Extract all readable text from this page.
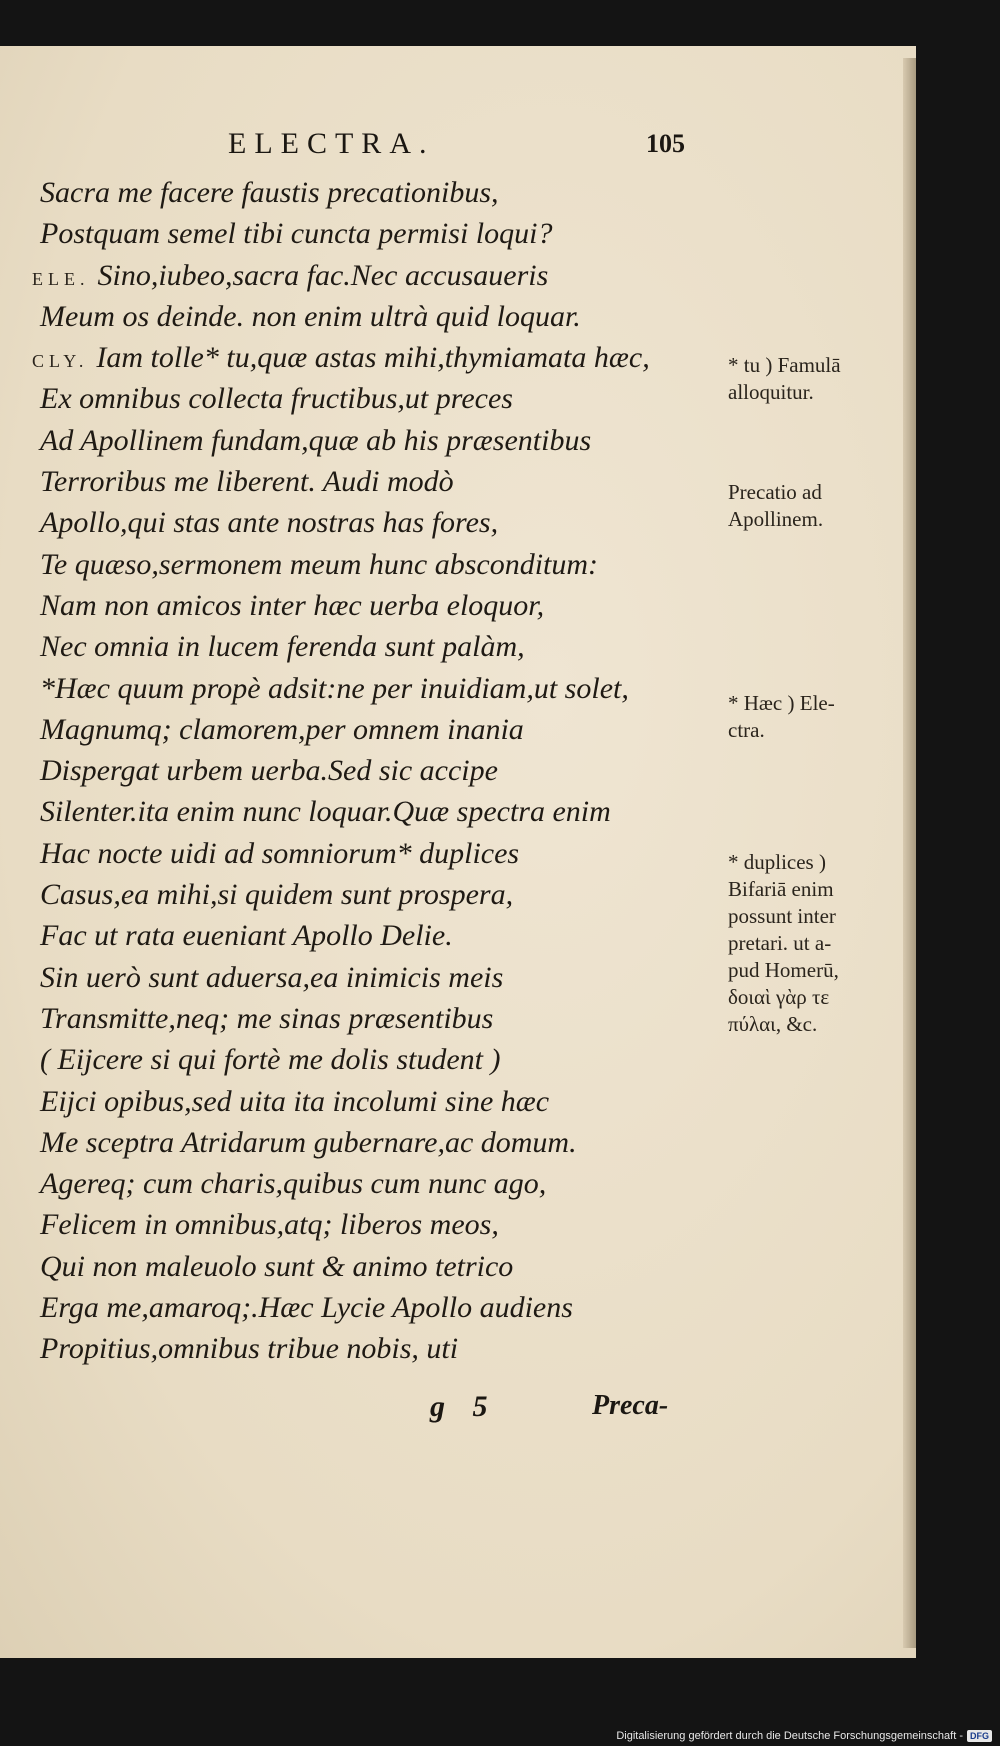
ELECTRA.	105
Sacra me facere faustis precationibus,
Postquam semel tibi cuncta permisi loqui?
ELE. Sino,iubeo,sacra fac.Nec accusaueris
Meum os deinde. non enim ultrà quid loquar.
CLY. Iam tolle* tu,quæ astas mihi,thymiamata hæc,
Ex omnibus collecta fructibus,ut preces
Ad Apollinem fundam,quæ ab his præsentibus
Terroribus me liberent. Audi modò
Apollo,qui stas ante nostras has fores,
Te quæso,sermonem meum hunc absconditum:
Nam non amicos inter hæc uerba eloquor,
Nec omnia in lucem ferenda sunt palàm,
*Hæc quum propè adsit:ne per inuidiam,ut solet,
Magnumq; clamorem,per omnem inania
Dispergat urbem uerba.Sed sic accipe
Silenter.ita enim nunc loquar.Quæ spectra enim
Hac nocte uidi ad somniorum* duplices
Casus,ea mihi,si quidem sunt prospera,
Fac ut rata eueniant Apollo Delie.
Sin uerò sunt aduersa,ea inimicis meis
Transmitte,neq; me sinas præsentibus
( Eijcere si qui fortè me dolis student )
Eijci opibus,sed uita ita incolumi sine hæc
Me sceptra Atridarum gubernare,ac domum.
Agereq; cum charis,quibus cum nunc ago,
Felicem in omnibus,atq; liberos meos,
Qui non maleuolo sunt & animo tetrico
Erga me,amaroq;.Hæc Lycie Apollo audiens
Propitius,omnibus tribue nobis, uti
* tu ) Famulā
alloquitur.
Precatio ad
Apollinem.
* Hæc ) Ele-
ctra.
* duplices )
Bifariā enim
possunt inter
pretari. ut a-
pud Homerū,
δοιαὶ γὰρ τε
πύλαι, &c.
g 5	Preca-
Digitalisierung gefördert durch die Deutsche Forschungsgemeinschaft - DFG
